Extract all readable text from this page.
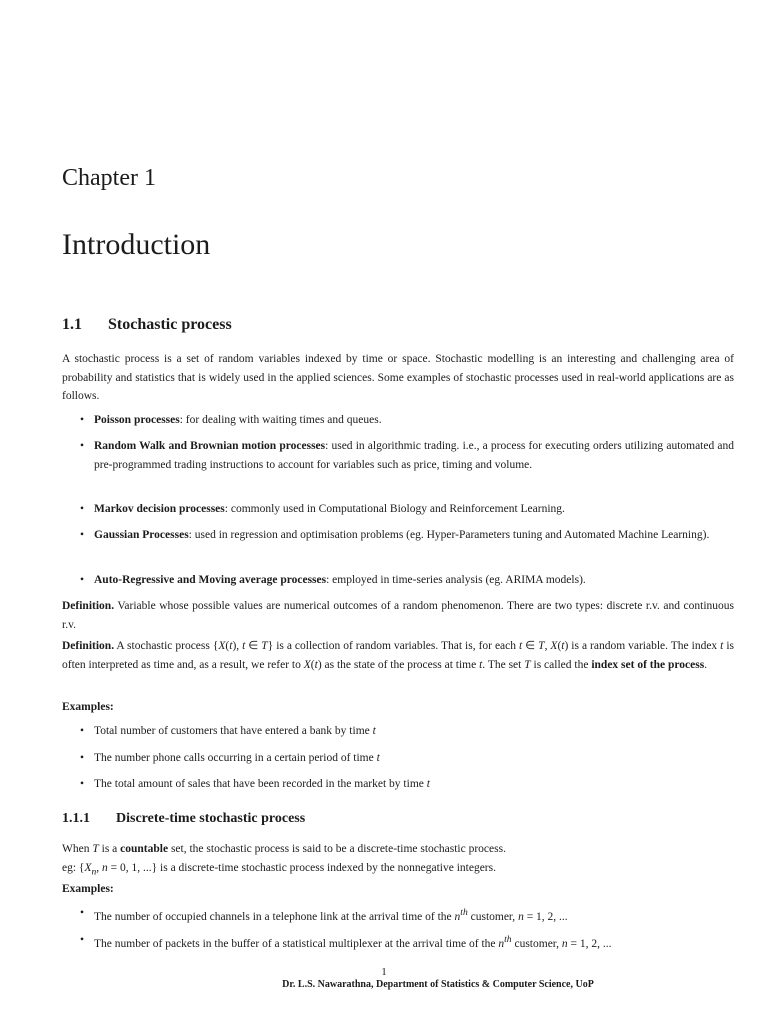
Chapter 1
Introduction
1.1 Stochastic process
A stochastic process is a set of random variables indexed by time or space. Stochastic modelling is an interesting and challenging area of probability and statistics that is widely used in the applied sciences. Some examples of stochastic processes used in real-world applications are as follows.
• Poisson processes: for dealing with waiting times and queues.
• Random Walk and Brownian motion processes: used in algorithmic trading. i.e., a process for executing orders utilizing automated and pre-programmed trading instructions to account for variables such as price, timing and volume.
• Markov decision processes: commonly used in Computational Biology and Reinforcement Learning.
• Gaussian Processes: used in regression and optimisation problems (eg. Hyper-Parameters tuning and Automated Machine Learning).
• Auto-Regressive and Moving average processes: employed in time-series analysis (eg. ARIMA models).
Definition. Variable whose possible values are numerical outcomes of a random phenomenon. There are two types: discrete r.v. and continuous r.v.
Definition. A stochastic process {X(t), t ∈ T} is a collection of random variables. That is, for each t ∈ T, X(t) is a random variable. The index t is often interpreted as time and, as a result, we refer to X(t) as the state of the process at time t. The set T is called the index set of the process.
Examples:
• Total number of customers that have entered a bank by time t
• The number phone calls occurring in a certain period of time t
• The total amount of sales that have been recorded in the market by time t
1.1.1 Discrete-time stochastic process
When T is a countable set, the stochastic process is said to be a discrete-time stochastic process.
eg: {$X_n$, n = 0, 1, ...} is a discrete-time stochastic process indexed by the nonnegative integers.
Examples:
• The number of occupied channels in a telephone link at the arrival time of the $n^{th}$ customer, n = 1, 2, ...
• The number of packets in the buffer of a statistical multiplexer at the arrival time of the $n^{th}$ customer, n = 1, 2, ...
1
Dr. L.S. Nawarathna, Department of Statistics & Computer Science, UoP
